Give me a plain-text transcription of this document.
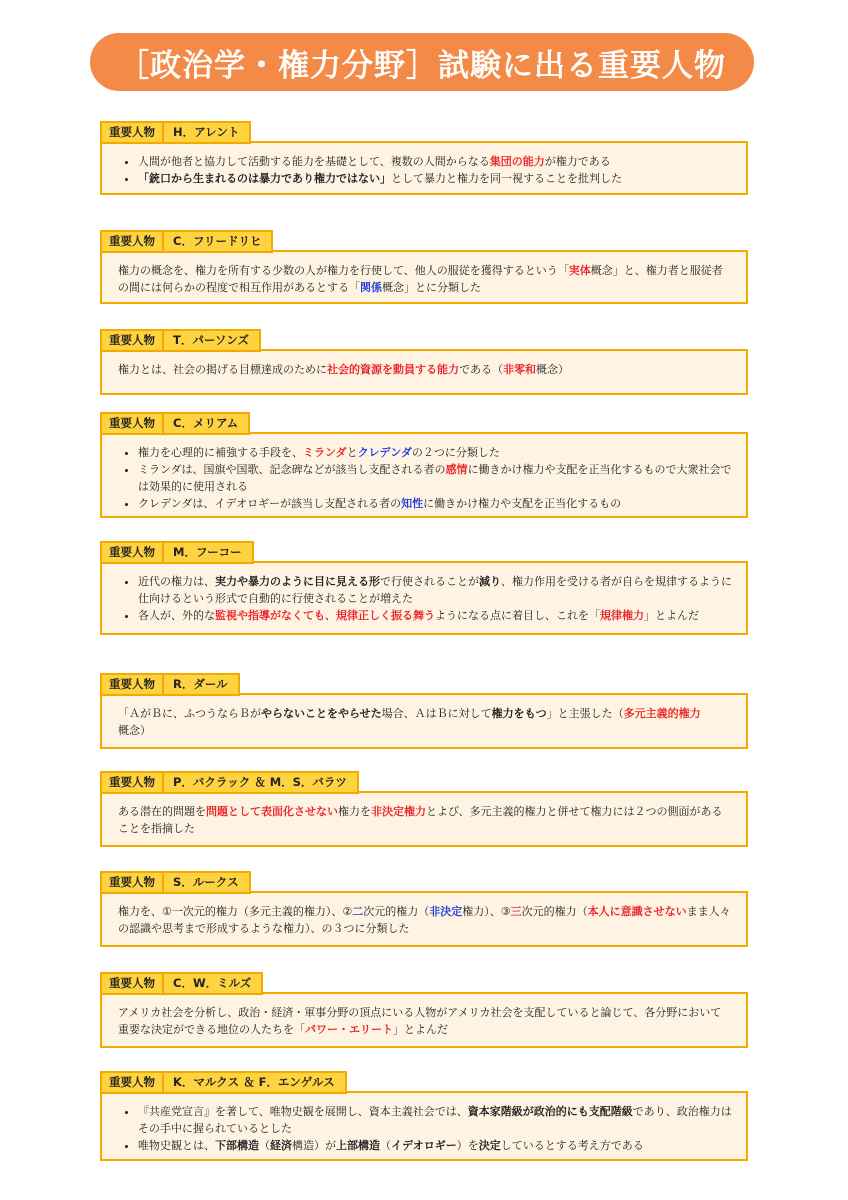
［政治学・権力分野］試験に出る重要人物
重要人物	H．アレント
• 人間が他者と協力して活動する能力を基礎として、複数の人間からなる集団の能力が権力である
• 「銃口から生まれるのは暴力であり権力ではない」として暴力と権力を同一視することを批判した
重要人物	C．フリードリヒ

権力の概念を、権力を所有する少数の人が権力を行使して、他人の服従を獲得するという「実体概念」と、権力者と服従者の間には何らかの程度で相互作用があるとする「関係概念」とに分類した

重要人物	T．パーソンズ

権力とは、社会の掲げる目標達成のために社会的資源を動員する能力である（非零和概念）

重要人物	C．メリアム
• 権力を心理的に補強する手段を、ミランダとクレデンダの２つに分類した
• ミランダは、国旗や国歌、記念碑などが該当し支配される者の感情に働きかけ権力や支配を正当化するもので大衆社会では効果的に使用される
• クレデンダは、イデオロギーが該当し支配される者の知性に働きかけ権力や支配を正当化するもの
重要人物	M．フーコー
• 近代の権力は、実力や暴力のように目に見える形で行使されることが減り、権力作用を受ける者が自らを規律するように仕向けるという形式で自動的に行使されることが増えた
• 各人が、外的な監視や指導がなくても、規律正しく振る舞うようになる点に着目し、これを「規律権力」とよんだ
重要人物	R．ダール

「ＡがＢに、ふつうならＢがやらないことをやらせた場合、ＡはＢに対して権力をもつ」と主張した（多元主義的権力概念）

重要人物	P．バクラック ＆ M．S．バラツ

ある潜在的問題を問題として表面化させない権力を非決定権力とよび、多元主義的権力と併せて権力には２つの側面があることを指摘した

重要人物	S．ルークス

権力を、①一次元的権力（多元主義的権力）、②二次元的権力（非決定権力）、③三次元的権力（本人に意識させないまま人々の認識や思考まで形成するような権力）、の３つに分類した

重要人物	C．W．ミルズ

アメリカ社会を分析し、政治・経済・軍事分野の頂点にいる人物がアメリカ社会を支配していると論じて、各分野において重要な決定ができる地位の人たちを「パワー・エリート」とよんだ

重要人物	K．マルクス ＆ F．エンゲルス
• 『共産党宣言』を著して、唯物史観を展開し、資本主義社会では、資本家階級が政治的にも支配階級であり、政治権力はその手中に握られているとした
• 唯物史観とは、下部構造（経済構造）が上部構造（イデオロギー）を決定しているとする考え方である
